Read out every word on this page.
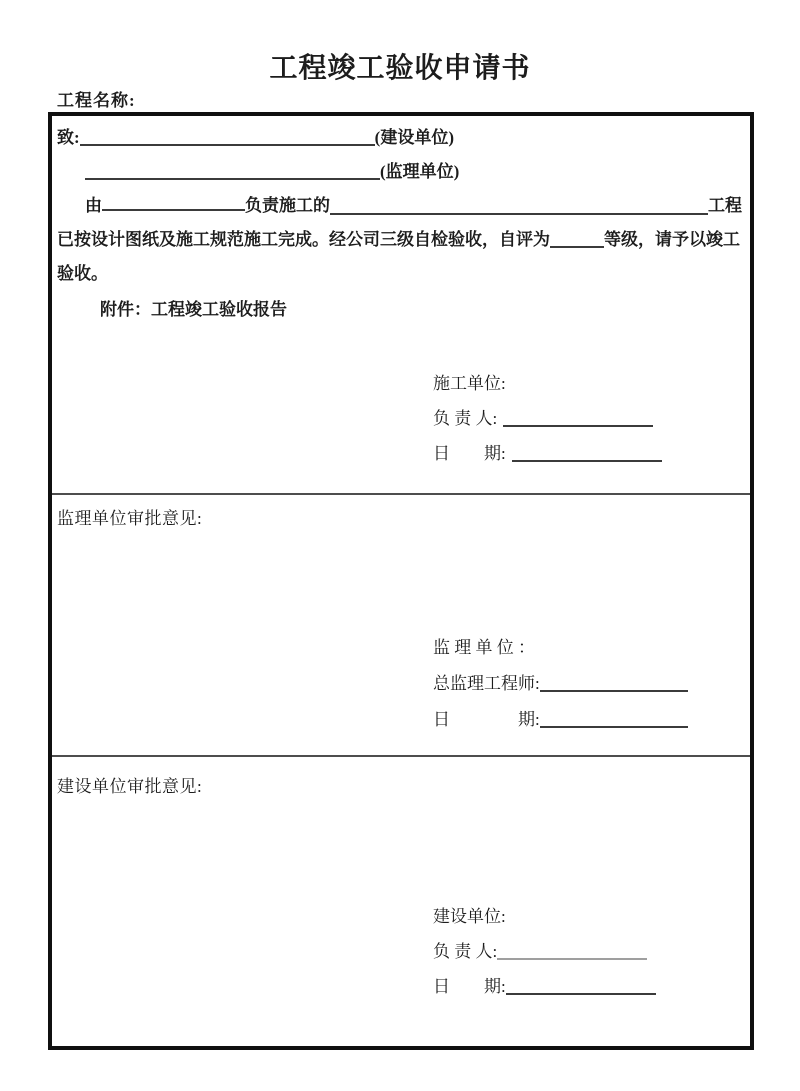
工程竣工验收申请书
工程名称:
致:	(建设单位)
(监理单位)
由	负责施工的	工程
已按设计图纸及施工规范施工完成。经公司三级自检验收，自评为	等级，请予以竣工
验收。
附件：工程竣工验收报告
施工单位:
负 责 人:
日　　期:
监理单位审批意见:
监 理 单 位 ：
总监理工程师:
日　　　　期:
建设单位审批意见:
建设单位:
负 责 人:
日　　期:
